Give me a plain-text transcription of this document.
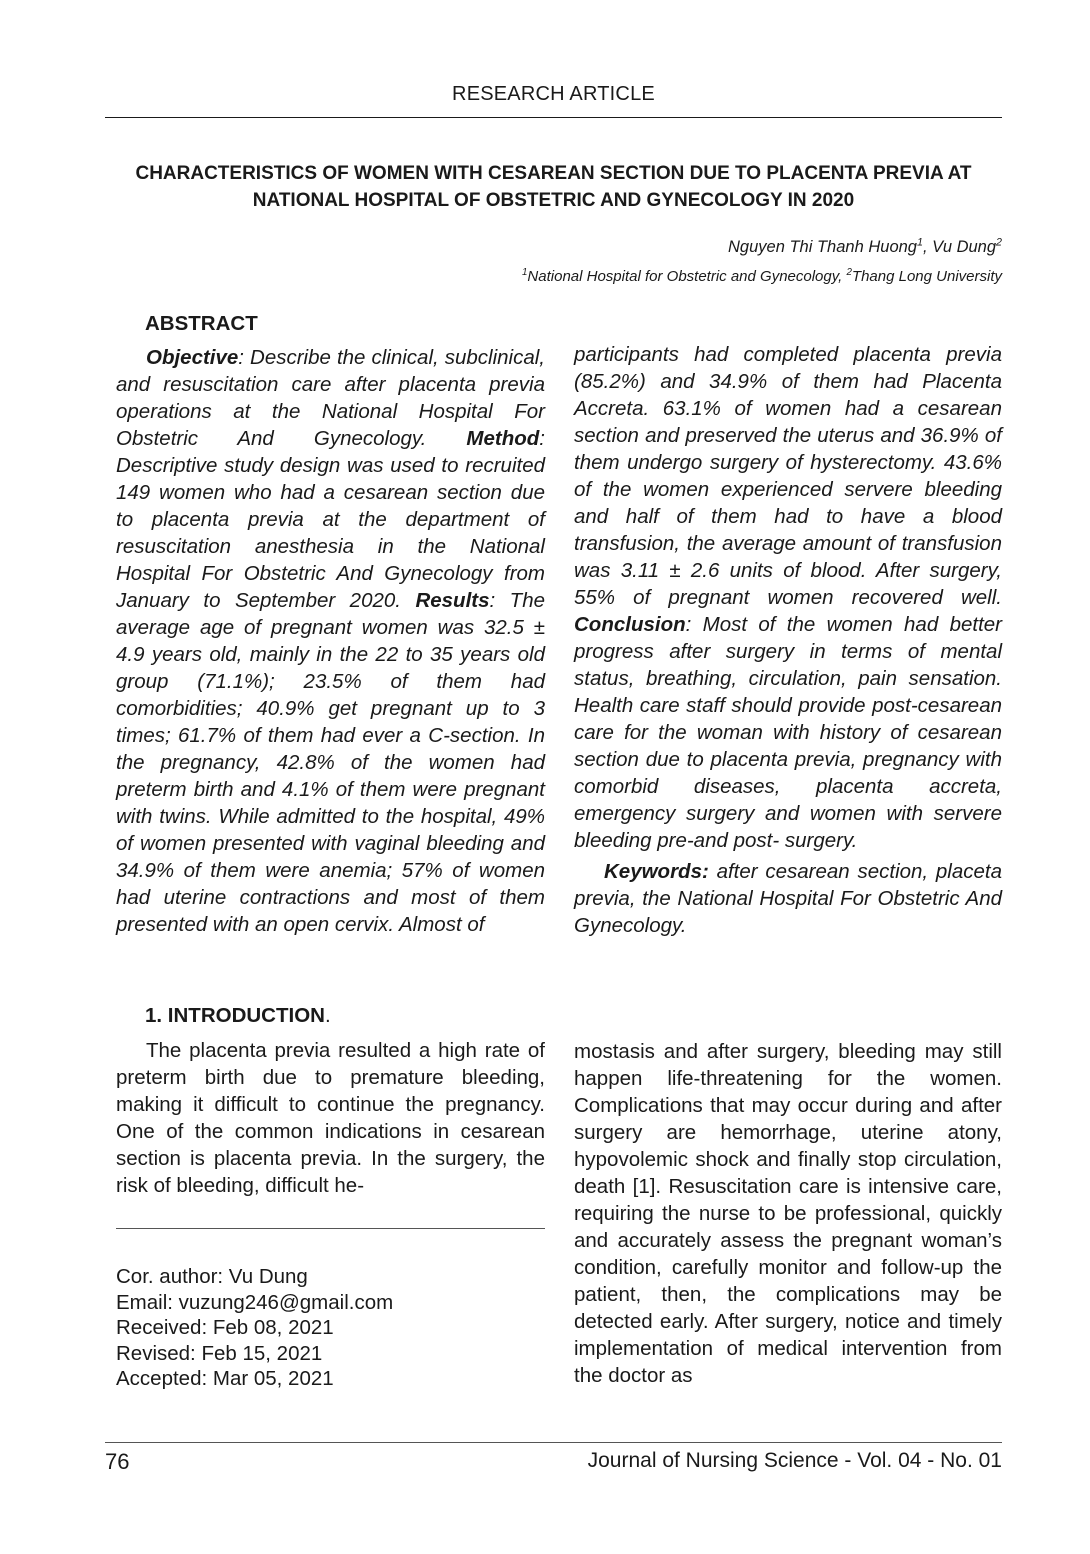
RESEARCH ARTICLE
CHARACTERISTICS OF WOMEN WITH CESAREAN SECTION DUE TO PLACENTA PREVIA AT NATIONAL HOSPITAL OF OBSTETRIC AND GYNECOLOGY IN 2020
Nguyen Thi Thanh Huong$^1$, Vu Dung$^2$
$^1$National Hospital for Obstetric and Gynecology, $^2$Thang Long University
ABSTRACT

Objective: Describe the clinical, subclinical, and resuscitation care after placenta previa operations at the National Hospital For Obstetric And Gynecology. Method: Descriptive study design was used to recruited 149 women who had a cesarean section due to placenta previa at the department of resuscitation anesthesia in the National Hospital For Obstetric And Gynecology from January to September 2020. Results: The average age of pregnant women was 32.5 ± 4.9 years old, mainly in the 22 to 35 years old group (71.1%); 23.5% of them had comorbidities; 40.9% get pregnant up to 3 times; 61.7% of them had ever a C-section. In the pregnancy, 42.8% of the women had preterm birth and 4.1% of them were pregnant with twins. While admitted to the hospital, 49% of women presented with vaginal bleeding and 34.9% of them were anemia; 57% of women had uterine contractions and most of them presented with an open cervix. Almost of

participants had completed placenta previa (85.2%) and 34.9% of them had Placenta Accreta. 63.1% of women had a cesarean section and preserved the uterus and 36.9% of them undergo surgery of hysterectomy. 43.6% of the women experienced servere bleeding and half of them had to have a blood transfusion, the average amount of transfusion was 3.11 ± 2.6 units of blood. After surgery, 55% of pregnant women recovered well. Conclusion: Most of the women had better progress after surgery in terms of mental status, breathing, circulation, pain sensation. Health care staff should provide post-cesarean care for the woman with history of cesarean section due to placenta previa, pregnancy with comorbid diseases, placenta accreta, emergency surgery and women with servere bleeding pre-and post- surgery.

Keywords: after cesarean section, placeta previa, the National Hospital For Obstetric And Gynecology.

1. INTRODUCTION.

The placenta previa resulted a high rate of preterm birth due to premature bleeding, making it difficult to continue the pregnancy. One of the common indications in cesarean section is placenta previa. In the surgery, the risk of bleeding, difficult he-

mostasis and after surgery, bleeding may still happen life-threatening for the women. Complications that may occur during and after surgery are hemorrhage, uterine atony, hypovolemic shock and finally stop circulation, death [1]. Resuscitation care is intensive care, requiring the nurse to be professional, quickly and accurately assess the pregnant woman’s condition, carefully monitor and follow-up the patient, then, the complications may be detected early. After surgery, notice and timely implementation of medical intervention from the doctor as

Cor. author: Vu Dung
Email: vuzung246@gmail.com
Received: Feb 08, 2021
Revised: Feb 15, 2021
Accepted: Mar 05, 2021
76	Journal of Nursing Science - Vol. 04 - No. 01
